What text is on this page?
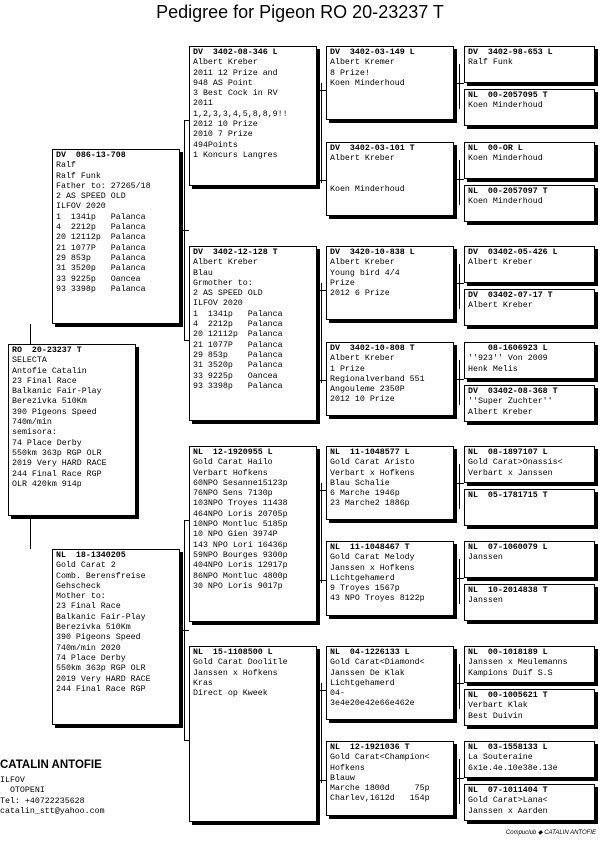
Pedigree for Pigeon RO 20-23237 T
RO  20-23237 T
SELECTA
Antofie Catalin
23 Final Race
Balkanic Fair-Play
Berezivka 510Km
390 Pigeons Speed
740m/min
semisora:
74 Place Derby
550km 363p RGP OLR
2019 Very HARD RACE
244 Final Race RGP
OLR 420km 914p
DV  086-13-708
Ralf
Ralf Funk
Father to: 27265/18
2 AS SPEED OLD
ILFOV 2020
1  1341p   Palanca
4  2212p   Palanca
20 12112p  Palanca
21 1077P   Palanca
29 853p    Palanca
31 3520p   Palanca
33 9225p   Oancea
93 3398p   Palanca
NL  18-1340205
Gold Carat 2
Comb. Berensfreise
Gehscheck
Mother to:
23 Final Race
Balkanic Fair-Play
Berezivka 510Km
390 Pigeons Speed
740m/min 2020
74 Place Derby
550km 363p RGP OLR
2019 Very HARD RACE
244 Final Race RGP
DV  3402-08-346 L
Albert Kreber
2011 12 Prize and
948 AS Point
3 Best Cock in RV
2011
1,2,3,3,4,5,8,8,9!!
2012 10 Prize
2010 7 Prize
494Points
1 Koncurs Langres
DV  3402-12-128 T
Albert Kreber
Blau
Grmother to:
2 AS SPEED OLD
ILFOV 2020
1  1341p   Palanca
4  2212p   Palanca
20 12112p  Palanca
21 1077P   Palanca
29 853p    Palanca
31 3520p   Palanca
33 9225p   Oancea
93 3398p   Palanca
NL  12-1920955 L
Gold Carat Hailo
Verbart Hofkens
60NPO Sesanne15123p
76NPO Sens 7130p
103NPO Troyes 11438
464NPO Loris 20705p
10NPO Montluc 5185p
10 NPO Gien 3974P
143 NPO Lori 16436p
59NPO Bourges 9300p
404NPO Loris 12917p
86NPO Montluc 4800p
30 NPO Loris 9017p
NL  15-1108500 L
Gold Carat Doolitle
Janssen x Hofkens
Kras
Direct op Kweek
DV  3402-03-149 L
Albert Kremer
8 Prize!
Koen Minderhoud
DV  3402-03-101 T
Albert Kreber

Koen Minderhoud
DV  3420-10-838 L
Albert Kreber
Young bird 4/4
Prize
2012 6 Prize
DV  3402-10-808 T
Albert Kreber
1 Prize
Regionalverband 551
Angouleme 2350P
2012 10 Prize
NL  11-1048577 L
Gold Carat Aristo
Verbart x Hofkens
Blau Schalie
6 Marche 1946p
23 Marche2 1886p
NL  11-1048467 T
Gold Carat Melody
Janssen x Hofkens
Lichtgehamerd
9 Troyes 1567p
43 NPO Troyes 8122p
NL  04-1226133 L
Gold Carat<Diamond<
Janssen De Klak
Lichtgehamerd
04-
3e4e20e42e66e462e
NL  12-1921036 T
Gold Carat<Champion<
Hofkens
Blauw
Marche 1800d     75p
Charlev,1612d   154p
DV  3402-98-653 L
Ralf Funk
NL  00-2057095 T
Koen Minderhoud
NL  00-OR L
Koen Minderhoud
NL  00-2057097 T
Koen Minderhoud
DV  03402-05-426 L
Albert Kreber
DV  03402-07-17 T
Albert Kreber
08-1606923 L
''923'' Von 2009
Henk Melis
DV  03402-08-368 T
''Super Zuchter''
Albert Kreber
NL  08-1897107 L
Gold Carat>Onassis<
Verbart x Janssen
NL  05-1781715 T

NL  07-1060079 L
Janssen
NL  10-2014838 T
Janssen
NL  00-1018189 L
Janssen x Meulemanns
Kampions Duif S.S
NL  00-1005621 T
Verbart Klak
Best Duivin
NL  03-1558133 L
La Souteraine
6x1e.4e.10e38e.13e
NL  07-1011404 T
Gold Carat>Lana<
Janssen x Aarden
CATALIN ANTOFIE
ILFOV
OTOPENI
Tel: +40722235628
catalin_stt@yahoo.com
Compuclub ◆ CATALIN ANTOFIE
